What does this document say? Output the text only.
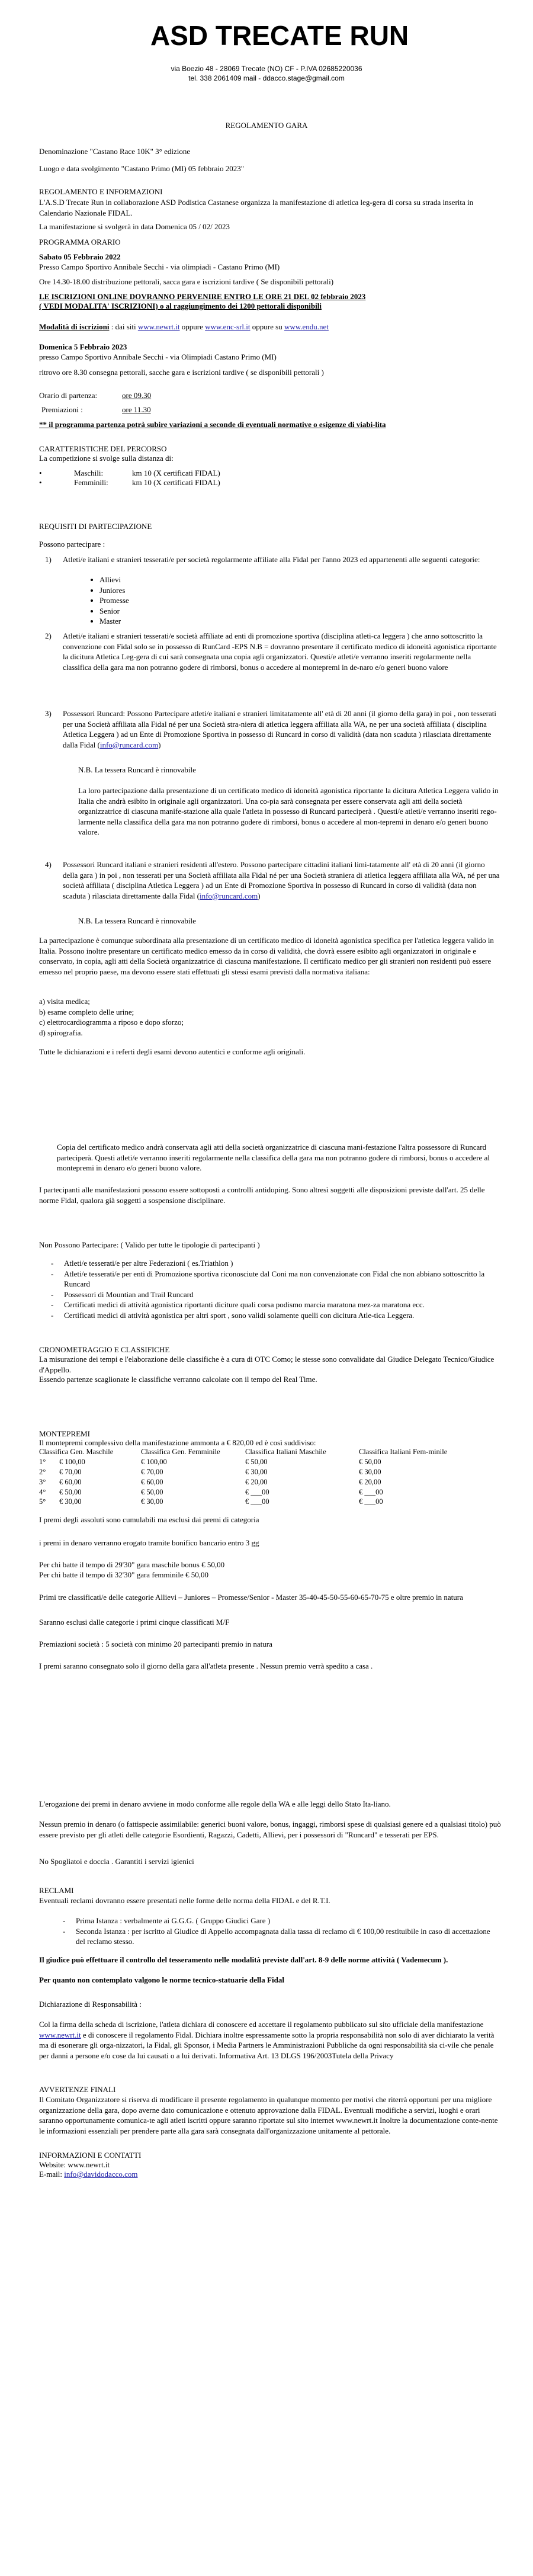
ASD TRECATE RUN
via Boezio 48 - 28069 Trecate (NO) CF - P.IVA 02685220036
tel. 338 2061409 mail - ddacco.stage@gmail.com
REGOLAMENTO GARA
Denominazione "Castano Race 10K" 3° edizione
Luogo e data svolgimento "Castano Primo (MI) 05 febbraio 2023"
REGOLAMENTO E INFORMAZIONI
L'A.S.D Trecate Run in collaborazione ASD Podistica Castanese organizza la manifestazione di atletica leg-gera di corsa su strada inserita in Calendario Nazionale FIDAL.
La manifestazione si svolgerà in data Domenica 05 / 02/ 2023
PROGRAMMA ORARIO
Sabato 05 Febbraio 2022
Presso Campo Sportivo Annibale Secchi - via olimpiadi - Castano Primo (MI)
Ore 14.30-18.00 distribuzione pettorali, sacca gara e iscrizioni tardive ( Se disponibili pettorali)
LE ISCRIZIONI ONLINE DOVRANNO PERVENIRE ENTRO LE ORE 21 DEL 02 febbraio 2023
( VEDI MODALITA' ISCRIZIONI) o al raggiungimento dei 1200 pettorali disponibili
Modalità di iscrizioni : dai siti www.newrt.it oppure www.enc-srl.it oppure su www.endu.net
Domenica 5 Febbraio 2023
presso Campo Sportivo Annibale Secchi - via Olimpiadi Castano Primo (MI)
ritrovo ore 8.30 consegna pettorali, sacche gara e iscrizioni tardive ( se disponibili pettorali )
Orario di partenza:	ore 09.30
Premiazioni :	ore 11.30
** il programma partenza potrà subire variazioni a seconde di eventuali normative o esigenze di viabi-lita
CARATTERISTICHE DEL PERCORSO
La competizione si svolge sulla distanza di:
•	Maschili:	km 10 (X certificati FIDAL)
•	Femminili:	km 10 (X certificati FIDAL)
REQUISITI DI PARTECIPAZIONE
Possono partecipare :
1) Atleti/e italiani e stranieri tesserati/e per società regolarmente affiliate alla Fidal per l'anno 2023 ed appartenenti alle seguenti categorie:
• Allievi
• Juniores
• Promesse
• Senior
• Master
2) Atleti/e italiani e stranieri tesserati/e società affiliate ad enti di promozione sportiva (disciplina atleti-ca leggera ) che anno sottoscritto la convenzione con Fidal solo se in possesso di RunCard -EPS N.B = dovranno presentare il certificato medico di idoneità agonistica riportante la dicitura Atletica Leg-gera di cui sarà consegnata una copia agli organizzatori. Questi/e atleti/e verranno inseriti regolarmente nella classifica della gara ma non potranno godere di rimborsi, bonus o accedere al montepremi in de-naro e/o generi buono valore
3) Possessori Runcard: Possono Partecipare atleti/e italiani e stranieri limitatamente all' età di 20 anni (il giorno della gara) in poi , non tesserati per una Società affiliata alla Fidal né per una Società stra-niera di atletica leggera affiliata alla WA, ne per una società affiliata ( disciplina Atletica Leggera ) ad un Ente di Promozione Sportiva in possesso di Runcard in corso di validità (data non scaduta ) rilasciata direttamente dalla Fidal (info@runcard.com)
N.B. La tessera Runcard è rinnovabile
La loro partecipazione dalla presentazione di un certificato medico di idoneità agonistica riportante la dicitura Atletica Leggera valido in Italia che andrà esibito in originale agli organizzatori. Una co-pia sarà consegnata per essere conservata agli atti della società organizzatrice di ciascuna manife-stazione alla quale l'atleta in possesso di Runcard parteciperà . Questi/e atleti/e verranno inseriti rego-larmente nella classifica della gara ma non potranno godere di rimborsi, bonus o accedere al mon-tepremi in denaro e/o generi buono valore.
4) Possessori Runcard italiani e stranieri residenti all'estero. Possono partecipare cittadini italiani limi-tatamente all' età di 20 anni (il giorno della gara ) in poi , non tesserati per una Società affiliata alla Fidal né per una Società straniera di atletica leggera affiliata alla WA, né per una società affiliata ( disciplina Atletica Leggera ) ad un Ente di Promozione Sportiva in possesso di Runcard in corso di validità (data non scaduta ) rilasciata direttamente dalla Fidal (info@runcard.com)
N.B. La tessera Runcard è rinnovabile
La partecipazione è comunque subordinata alla presentazione di un certificato medico di idoneità agonistica specifica per l'atletica leggera valido in Italia. Possono inoltre presentare un certificato medico emesso da in corso di validità, che dovrà essere esibito agli organizzatori in originale e conservato, in copia, agli atti della Società organizzatrice di ciascuna manifestazione. Il certificato medico per gli stranieri non residenti può essere emesso nel proprio paese, ma devono essere stati effettuati gli stessi esami previsti dalla normativa italiana:
a) visita medica;
b) esame completo delle urine;
c) elettrocardiogramma a riposo e dopo sforzo;
d) spirografia.
Tutte le dichiarazioni e i referti degli esami devono autentici e conforme agli originali.
Copia del certificato medico andrà conservata agli atti della società organizzatrice di ciascuna mani-festazione l'altra possessore di Runcard parteciperà. Questi atleti/e verranno inseriti regolarmente nella classifica della gara ma non potranno godere di rimborsi, bonus o accedere al montepremi in denaro e/o generi buono valore.
I partecipanti alle manifestazioni possono essere sottoposti a controlli antidoping. Sono altresì soggetti alle disposizioni previste dall'art. 25 delle norme Fidal, qualora già soggetti a sospensione disciplinare.
Non Possono Partecipare: ( Valido per tutte le tipologie di partecipanti )
- Atleti/e tesserati/e per altre Federazioni ( es.Triathlon )
- Atleti/e tesserati/e per enti di Promozione sportiva riconosciute dal Coni ma non convenzionate con Fidal che non abbiano sottoscritto la Runcard
- Possessori di Mountian and Trail Runcard
- Certificati medici di attività agonistica riportanti diciture quali corsa podismo marcia maratona mez-za maratona ecc.
- Certificati medici di attività agonistica per altri sport , sono validi solamente quelli con dicitura Atle-tica Leggera.
CRONOMETRAGGIO E CLASSIFICHE
La misurazione dei tempi e l'elaborazione delle classifiche è a cura di OTC Como; le stesse sono convalidate dal Giudice Delegato Tecnico/Giudice d'Appello.
Essendo partenze scaglionate le classifiche verranno calcolate con il tempo del Real Time.
MONTEPREMI
Il montepremi complessivo della manifestazione ammonta a € 820,00 ed è così suddiviso:
Classifica Gen. Maschile		Classifica Gen. Femminile	Classifica Italiani Maschile	Classifica Italiani Fem-minile
1°	€ 100,00	€ 100,00	€ 50,00	€ 50,00
2°	€ 70,00	€ 70,00	€ 30,00	€ 30,00
3°	€ 60,00	€ 60,00	€ 20,00	€ 20,00
4°	€ 50,00	€ 50,00	€ ___00	€ ___00
5°	€ 30,00	€ 30,00	€ ___00	€ ___00
I premi degli assoluti sono cumulabili ma esclusi dai premi di categoria
i premi in denaro verranno erogato tramite bonifico bancario entro 3 gg
Per chi batte il tempo di 29'30" gara maschile bonus € 50,00
Per chi batte il tempo di 32'30" gara femminile € 50,00
Primi tre classificati/e delle categorie Allievi – Juniores – Promesse/Senior - Master 35-40-45-50-55-60-65-70-75 e oltre premio in natura
Saranno esclusi dalle categorie i primi cinque classificati M/F
Premiazioni società : 5 società con minimo 20 partecipanti premio in natura
I premi saranno consegnato solo il giorno della gara all'atleta presente . Nessun premio verrà spedito a casa .
L'erogazione dei premi in denaro avviene in modo conforme alle regole della WA e alle leggi dello Stato Ita-liano.
Nessun premio in denaro (o fattispecie assimilabile: generici buoni valore, bonus, ingaggi, rimborsi spese di qualsiasi genere ed a qualsiasi titolo) può essere previsto per gli atleti delle categorie Esordienti, Ragazzi, Cadetti, Allievi, per i possessori di "Runcard" e tesserati per EPS.
No Spogliatoi e doccia . Garantiti i servizi igienici
RECLAMI
Eventuali reclami dovranno essere presentati nelle forme delle norma della FIDAL e del R.T.I.
- Prima Istanza : verbalmente ai G.G.G. ( Gruppo Giudici Gare )
- Seconda Istanza : per iscritto al Giudice di Appello accompagnata dalla tassa di reclamo di € 100,00 restituibile in caso di accettazione del reclamo stesso.
Il giudice può effettuare il controllo del tesseramento nelle modalità previste dall'art. 8-9 delle norme attività ( Vademecum ).
Per quanto non contemplato valgono le norme tecnico-statuarie della Fidal
Dichiarazione di Responsabilità :
Col la firma della scheda di iscrizione, l'atleta dichiara di conoscere ed accettare il regolamento pubblicato sul sito ufficiale della manifestazione www.newrt.it e di conoscere il regolamento Fidal. Dichiara inoltre espressamente sotto la propria responsabilità non solo di aver dichiarato la verità ma di esonerare gli orga-nizzatori, la Fidal, gli Sponsor, i Media Partners le Amministrazioni Pubbliche da ogni responsabilità sia ci-vile che penale per danni a persone e/o cose da lui causati o a lui derivati. Informativa Art. 13 DLGS 196/2003Tutela della Privacy
AVVERTENZE FINALI
Il Comitato Organizzatore si riserva di modificare il presente regolamento in qualunque momento per motivi che riterrà opportuni per una migliore organizzazione della gara, dopo averne dato comunicazione e ottenuto approvazione dalla FIDAL. Eventuali modifiche a servizi, luoghi e orari saranno opportunamente comunica-te agli atleti iscritti oppure saranno riportate sul sito internet www.newrt.it Inoltre la documentazione conte-nente le informazioni essenziali per prendere parte alla gara sarà consegnata dall'organizzazione unitamente al pettorale.
INFORMAZIONI E CONTATTI
Website: www.newrt.it
E-mail: info@davidodacco.com
